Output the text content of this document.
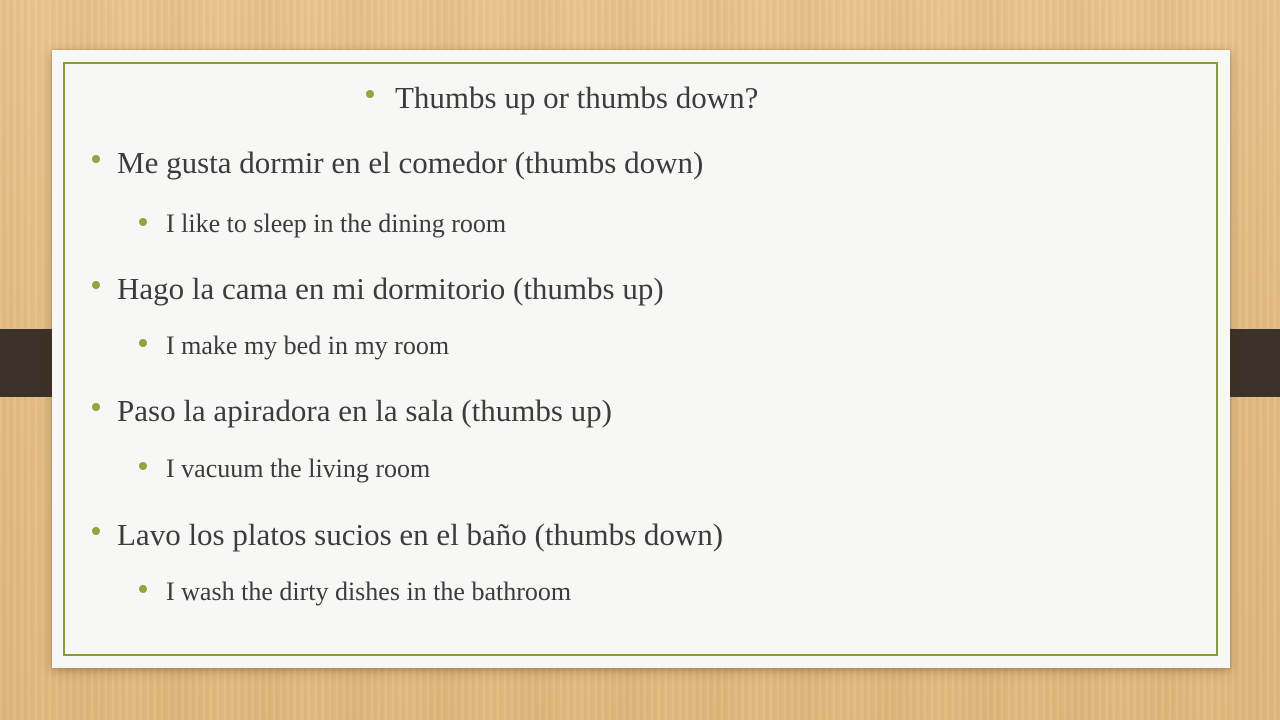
Thumbs up or thumbs down?
Me gusta dormir en el comedor (thumbs down)
I like to sleep in the dining room
Hago la cama en mi dormitorio (thumbs up)
I make my bed in my room
Paso la apiradora en la sala (thumbs up)
I vacuum the living room
Lavo los platos sucios en el baño (thumbs down)
I wash the dirty dishes in the bathroom
